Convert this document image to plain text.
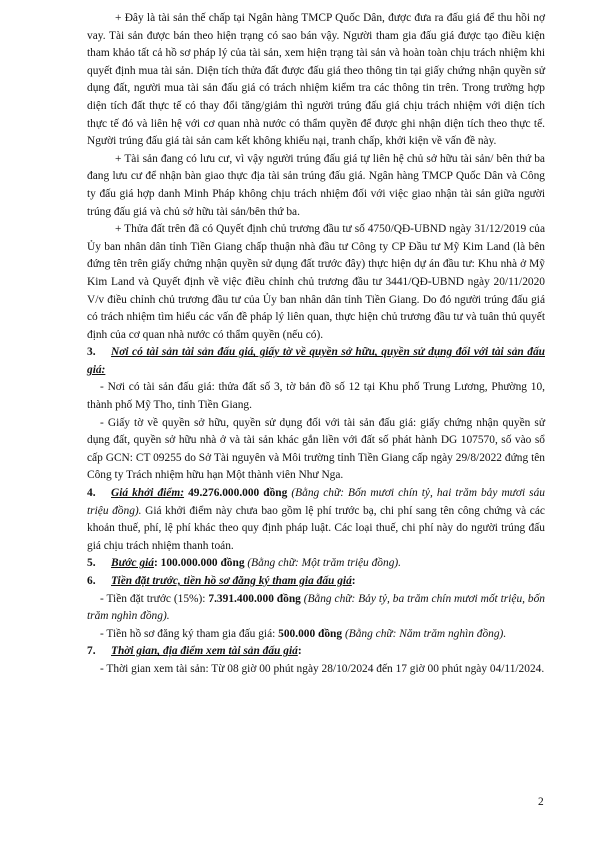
+ Đây là tài sản thế chấp tại Ngân hàng TMCP Quốc Dân, được đưa ra đấu giá để thu hồi nợ vay. Tài sản được bán theo hiện trạng có sao bán vậy. Người tham gia đấu giá được tạo điều kiện tham khảo tất cả hồ sơ pháp lý của tài sản, xem hiện trạng tài sản và hoàn toàn chịu trách nhiệm khi quyết định mua tài sản. Diện tích thửa đất được đấu giá theo thông tin tại giấy chứng nhận quyền sử dụng đất, người mua tài sản đấu giá có trách nhiệm kiểm tra các thông tin trên. Trong trường hợp diện tích đất thực tế có thay đổi tăng/giảm thì người trúng đấu giá chịu trách nhiệm với diện tích thực tế đó và liên hệ với cơ quan nhà nước có thẩm quyền để được ghi nhận diện tích theo thực tế. Người trúng đấu giá tài sản cam kết không khiếu nại, tranh chấp, khởi kiện về vấn đề này.

+ Tài sản đang có lưu cư, vì vậy người trúng đấu giá tự liên hệ chủ sở hữu tài sản/ bên thứ ba đang lưu cư để nhận bàn giao thực địa tài sản trúng đấu giá. Ngân hàng TMCP Quốc Dân và Công ty đấu giá hợp danh Minh Pháp không chịu trách nhiệm đối với việc giao nhận tài sản giữa người trúng đấu giá và chủ sở hữu tài sản/bên thứ ba.

+ Thửa đất trên đã có Quyết định chủ trương đầu tư số 4750/QĐ-UBND ngày 31/12/2019 của Ủy ban nhân dân tỉnh Tiền Giang chấp thuận nhà đầu tư Công ty CP Đầu tư Mỹ Kim Land (là bên đứng tên trên giấy chứng nhận quyền sử dụng đất trước đây) thực hiện dự án đầu tư: Khu nhà ở Mỹ Kim Land và Quyết định về việc điều chỉnh chủ trương đầu tư 3441/QĐ-UBND ngày 20/11/2020 V/v điều chỉnh chủ trương đầu tư của Ủy ban nhân dân tỉnh Tiền Giang. Do đó người trúng đấu giá có trách nhiệm tìm hiểu các vấn đề pháp lý liên quan, thực hiện chủ trương đầu tư và tuân thủ quyết định của cơ quan nhà nước có thẩm quyền (nếu có).

3. Nơi có tài sản tài sản đấu giá, giấy tờ về quyền sở hữu, quyền sử dụng đối với tài sản đấu giá:

- Nơi có tài sản đấu giá: thửa đất số 3, tờ bản đồ số 12 tại Khu phố Trung Lương, Phường 10, thành phố Mỹ Tho, tỉnh Tiền Giang.

- Giấy tờ về quyền sở hữu, quyền sử dụng đối với tài sản đấu giá: giấy chứng nhận quyền sử dụng đất, quyền sở hữu nhà ở và tài sản khác gắn liền với đất số phát hành DG 107570, số vào sổ cấp GCN: CT 09255 do Sở Tài nguyên và Môi trường tỉnh Tiền Giang cấp ngày 29/8/2022 đứng tên Công ty Trách nhiệm hữu hạn Một thành viên Như Nga.

4. Giá khởi điểm: 49.276.000.000 đồng (Bằng chữ: Bốn mươi chín tỷ, hai trăm bảy mươi sáu triệu đồng). Giá khởi điểm này chưa bao gồm lệ phí trước bạ, chi phí sang tên công chứng và các khoản thuế, phí, lệ phí khác theo quy định pháp luật. Các loại thuế, chi phí này do người trúng đấu giá chịu trách nhiệm thanh toán.

5. Bước giá: 100.000.000 đồng (Bằng chữ: Một trăm triệu đồng).

6. Tiền đặt trước, tiền hồ sơ đăng ký tham gia đấu giá:

- Tiền đặt trước (15%): 7.391.400.000 đồng (Bằng chữ: Bảy tỷ, ba trăm chín mươi mốt triệu, bốn trăm nghìn đồng).

- Tiền hồ sơ đăng ký tham gia đấu giá: 500.000 đồng (Bằng chữ: Năm trăm nghìn đồng).

7. Thời gian, địa điểm xem tài sản đấu giá:

- Thời gian xem tài sản: Từ 08 giờ 00 phút ngày 28/10/2024 đến 17 giờ 00 phút ngày 04/11/2024.

2
